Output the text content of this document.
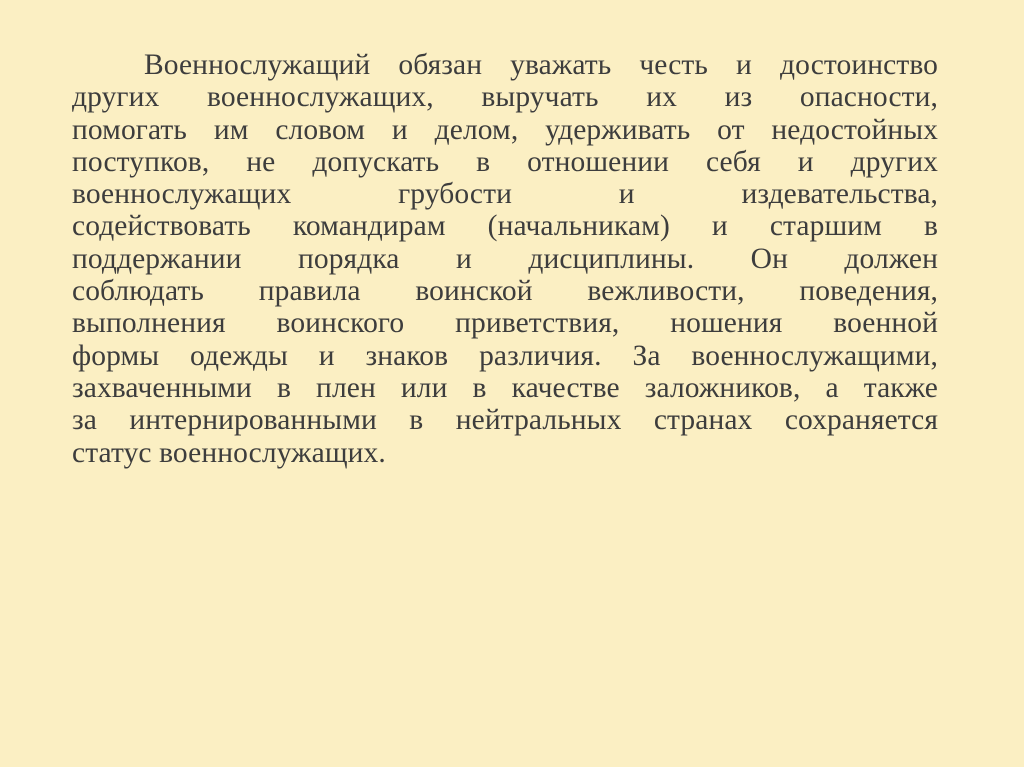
Военнослужащий обязан уважать честь и достоинство
других военнослужащих, выручать их из опасности,
помогать им словом и делом, удерживать от недостойных
поступков, не допускать в отношении себя и других
военнослужащих грубости и издевательства,
содействовать командирам (начальникам) и старшим в
поддержании порядка и дисциплины. Он должен
соблюдать правила воинской вежливости, поведения,
выполнения воинского приветствия, ношения военной
формы одежды и знаков различия. За военнослужащими,
захваченными в плен или в качестве заложников, а также
за интернированными в нейтральных странах сохраняется
статус военнослужащих.
